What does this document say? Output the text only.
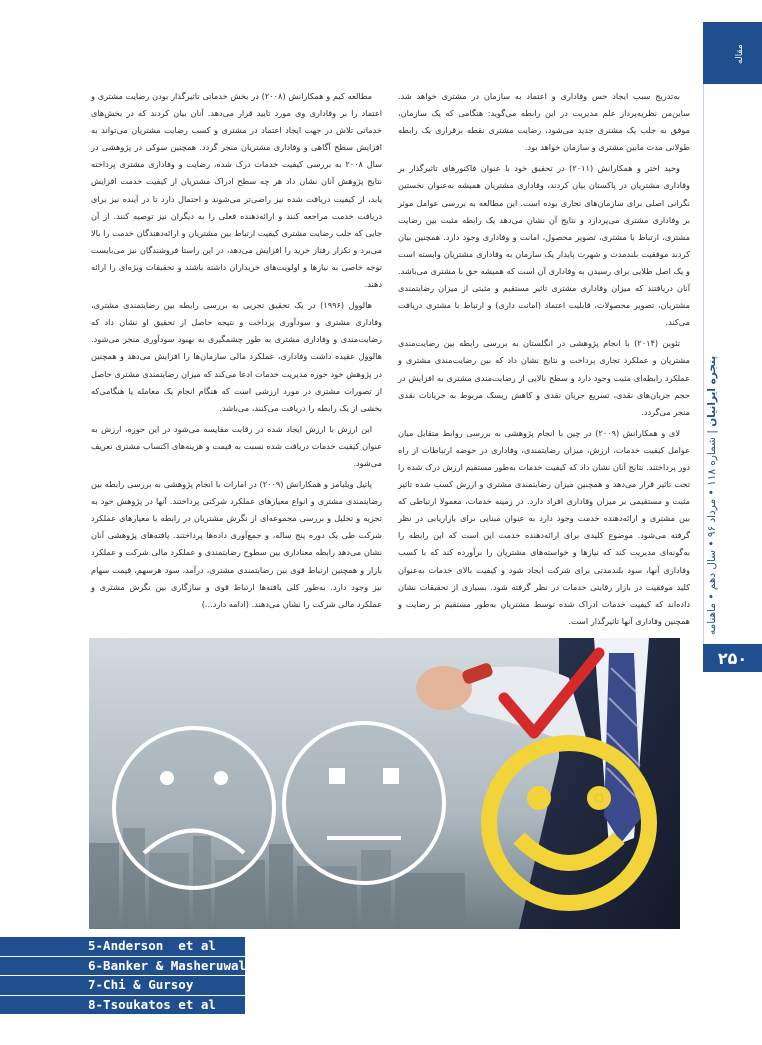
مقاله
پنجره ایرانیان | شماره ۱۱۸ • مرداد ۹۶ • سال دهم • ماهنامه
۲۵۰

به‌تدریج سبب ایجاد حس وفاداری و اعتماد به سازمان در مشتری خواهد شد. ساین‌من نظریه‌پرداز علم مدیریت در این رابطه می‌گوید: هنگامی که یک سازمان، موفق به جلب یک مشتری جدید می‌شود، رضایت مشتری نقطه برقراری یک رابطه طولانی مدت مابین مشتری و سازمان خواهد بود.

وحید اختر و همکارانش (۲۰۱۱) در تحقیق خود با عنوان فاکتورهای تاثیرگذار بر وفاداری مشتریان در پاکستان بیان کردند، وفاداری مشتریان همیشه به‌عنوان نخستین نگرانی اصلی برای سازمان‌های تجاری بوده است. این مطالعه به بررسی عوامل موثر بر وفاداری مشتری می‌پردازد و نتایج آن نشان می‌دهد یک رابطه مثبت بین رضایت مشتری، ارتباط با مشتری، تصویر محصول، امانت و وفاداری وجود دارد. همچنین بیان کردند موفقیت بلندمدت و شهرت پایدار یک سازمان به وفاداری مشتریان وابسته است و یک اصل طلایی برای رسیدن به وفاداری آن است که همیشه حق با مشتری می‌باشد. آنان دریافتند که میزان وفاداری مشتری تاثیر مستقیم و مثبتی از میزان رضایتمندی مشتریان، تصویر محصولات، قابلیت اعتماد (امانت داری) و ارتباط با مشتری دریافت می‌کند.

تئوین (۲۰۱۴) با انجام پژوهشی در انگلستان به بررسی رابطه بین رضایت‌مندی مشتریان و عملکرد تجاری پرداخت و نتایج نشان داد که بین رضایت‌مندی مشتری و عملکرد رابطه‌ای مثبت وجود دارد و سطح بالایی از رضایت‌مندی مشتری به افزایش در حجم جریان‌های نقدی، تسریع جریان نقدی و کاهش ریسک مربوط به جریانات نقدی منجر می‌گردد.

لای و همکارانش (۲۰۰۹) در چین با انجام پژوهشی به بررسی روابط متقابل میان عوامل کیفیت خدمات، ارزش، میزان رضایتمندی، وفاداری در حوضه ارتباطات از راه دور پرداختند. نتایج آنان نشان داد که کیفیت خدمات به‌طور مستقیم ارزش درک شده را تحت تاثیر قرار می‌دهد و همچنین میزان رضایتمندی مشتری و ارزش کسب شده تاثیر مثبت و مستقیمی بر میزان وفاداری افراد دارد. در زمینه خدمات، معمولا ارتباطی که بین مشتری و ارائه‌دهنده خدمت وجود دارد به عنوان مبنایی برای بازاریابی در نظر گرفته می‌شود. موضوع کلیدی برای ارائه‌دهنده خدمت این است که این رابطه را به‌گونه‌ای مدیریت کند که نیازها و خواسته‌های مشتریان را برآورده کند که با کسب وفاداری آنها، سود بلندمدتی برای شرکت ایجاد شود و کیفیت بالای خدمات به‌عنوان کلید موفقیت در بازار رقابتی خدمات در نظر گرفته شود. بسیاری از تحقیقات نشان داده‌اند که کیفیت خدمات ادراک شده توسط مشتریان به‌طور مستقیم بر رضایت و همچنین وفاداری آنها تاثیرگذار است.

مطالعه کیم و همکارانش (۲۰۰۸) در بخش خدماتی تاثیرگذار بودن رضایت مشتری و اعتماد را بر وفاداری وی مورد تایید قرار می‌دهد. آنان بیان کردند که در بخش‌های خدماتی تلاش در جهت ایجاد اعتماد در مشتری و کسب رضایت مشتریان می‌تواند به افزایش سطح آگاهی و وفاداری مشتریان منجر گردد. همچنین سوکی در پژوهشی در سال ۲۰۰۸ به بررسی کیفیت خدمات درک شده، رضایت و وفاداری مشتری پرداخته نتایج پژوهش آنان نشان داد هر چه سطح ادراک مشتریان از کیفیت خدمت افزایش یابد، از کیفیت دریافت شده نیز راضی‌تر می‌شوند و احتمال دارد تا در آینده نیز برای دریافت خدمت مراجعه کنند و ارائه‌دهنده فعلی را به دیگران نیز توصیه کنند. از آن جایی که جلب رضایت مشتری کیفیت ارتباط بین مشتریان و ارائه‌دهندگان خدمت را بالا می‌برد و تکرار رفتار خرید را افزایش می‌دهد، در این راستا فروشندگان نیز می‌بایست توجه خاصی به نیازها و اولویت‌های خریداران داشته باشند و تحقیقات ویژه‌ای را ارائه دهند.

هالوول (۱۹۹۶) در یک تحقیق تجربی به بررسی رابطه بین رضایتمندی مشتری، وفاداری مشتری و سودآوری پرداخت و نتیجه حاصل از تحقیق او نشان داد که رضایت‌مندی و وفاداری مشتری به طور چشمگیری به بهبود سودآوری منجر می‌شود. هالوول عقیده داشت وفاداری، عملکرد مالی سازمان‌ها را افزایش می‌دهد و همچنین در پژوهش خود حوزه مدیریت خدمات ادعا می‌کند که میزان رضایتمندی مشتری حاصل از تصورات مشتری در مورد ارزشی است که هنگام انجام یک معامله یا هنگامی‌که بخشی از یک رابطه را دریافت می‌کنند، می‌باشد.

این ارزش با ارزش ایجاد شده در رقابت مقایسه می‌شود در این حوزه، ارزش به عنوان کیفیت خدمات دریافت شده نسبت به قیمت و هزینه‌های اکتساب مشتری تعریف می‌شود.

پاتیل ویلیامز و همکارانش (۲۰۰۹) در امارات با انجام پژوهشی به بررسی رابطه بین رضایتمندی مشتری و انواع معیارهای عملکرد شرکتی پرداختند. آنها در پژوهش خود به تجزیه و تحلیل و بررسی مجموعه‌ای از نگرش مشتریان در رابطه با معیارهای عملکرد شرکت طی یک دوره پنج ساله، و جمع‌آوری داده‌ها پرداختند. یافته‌های پژوهشی آنان نشان می‌دهد رابطه معناداری بین سطوح رضایتمندی و عملکرد مالی شرکت و عملکرد بازار و همچنین ارتباط قوی بین رضایتمندی مشتری، درآمد، سود هرسهم، قیمت سهام نیز وجود دارد. به‌طور کلی یافته‌ها ارتباط قوی و سازگاری بین نگرش مشتری و عملکرد مالی شرکت را نشان می‌دهند. (ادامه دارد...)

5-Anderson  et al
6-Banker & Masheruwala
7-Chi & Gursoy
8-Tsoukatos et al
